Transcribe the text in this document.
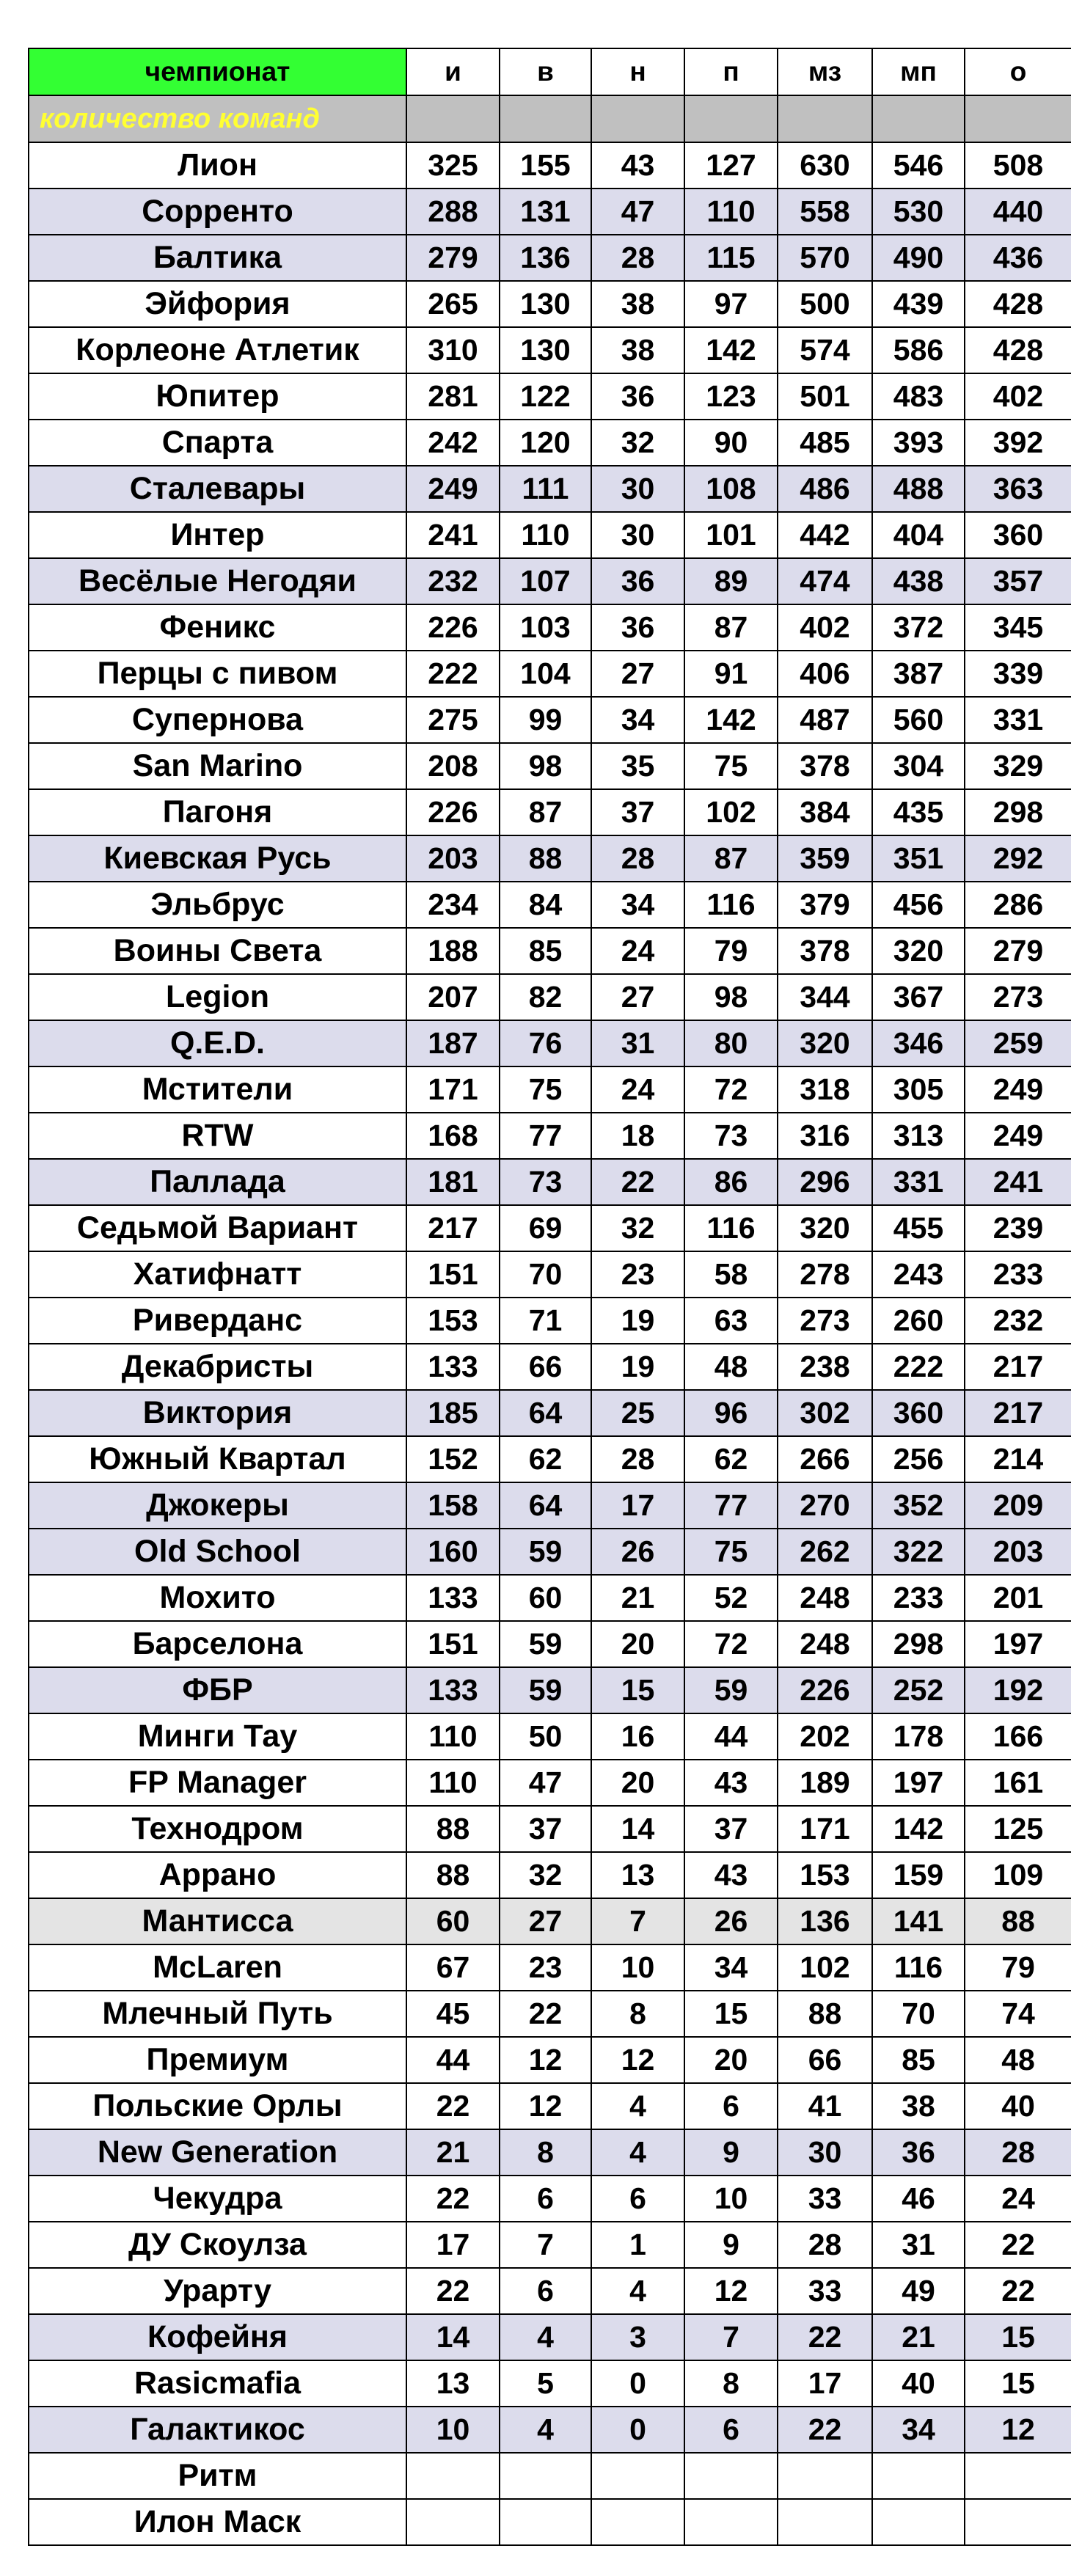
чемпионат	и	в	н	п	мз	мп	о
количество команд							
Лион	325	155	43	127	630	546	508
Сорренто	288	131	47	110	558	530	440
Балтика	279	136	28	115	570	490	436
Эйфория	265	130	38	97	500	439	428
Корлеоне Атлетик	310	130	38	142	574	586	428
Юпитер	281	122	36	123	501	483	402
Спарта	242	120	32	90	485	393	392
Сталевары	249	111	30	108	486	488	363
Интер	241	110	30	101	442	404	360
Весёлые Негодяи	232	107	36	89	474	438	357
Феникс	226	103	36	87	402	372	345
Перцы с пивом	222	104	27	91	406	387	339
Супернова	275	99	34	142	487	560	331
San Marino	208	98	35	75	378	304	329
Пагоня	226	87	37	102	384	435	298
Киевская Русь	203	88	28	87	359	351	292
Эльбрус	234	84	34	116	379	456	286
Воины Света	188	85	24	79	378	320	279
Legion	207	82	27	98	344	367	273
Q.E.D.	187	76	31	80	320	346	259
Мстители	171	75	24	72	318	305	249
RTW	168	77	18	73	316	313	249
Паллада	181	73	22	86	296	331	241
Седьмой Вариант	217	69	32	116	320	455	239
Хатифнатт	151	70	23	58	278	243	233
Риверданс	153	71	19	63	273	260	232
Декабристы	133	66	19	48	238	222	217
Виктория	185	64	25	96	302	360	217
Южный Квартал	152	62	28	62	266	256	214
Джокеры	158	64	17	77	270	352	209
Old School	160	59	26	75	262	322	203
Мохито	133	60	21	52	248	233	201
Барселона	151	59	20	72	248	298	197
ФБР	133	59	15	59	226	252	192
Минги Тау	110	50	16	44	202	178	166
FP Manager	110	47	20	43	189	197	161
Технодром	88	37	14	37	171	142	125
Аррано	88	32	13	43	153	159	109
Мантисса	60	27	7	26	136	141	88
McLaren	67	23	10	34	102	116	79
Млечный Путь	45	22	8	15	88	70	74
Премиум	44	12	12	20	66	85	48
Польские Орлы	22	12	4	6	41	38	40
New Generation	21	8	4	9	30	36	28
Чекудра	22	6	6	10	33	46	24
ДУ Скоулза	17	7	1	9	28	31	22
Урарту	22	6	4	12	33	49	22
Кофейня	14	4	3	7	22	21	15
Rasicmafia	13	5	0	8	17	40	15
Галактикос	10	4	0	6	22	34	12
Ритм							
Илон Маск							
